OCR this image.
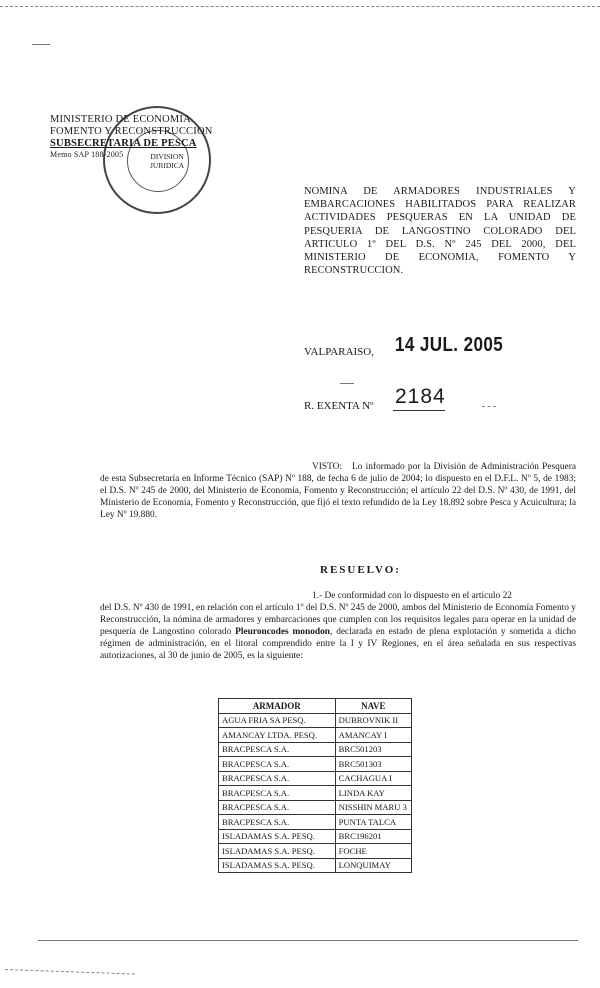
DIVISION
JURIDICA
MINISTERIO DE ECONOMIA
FOMENTO Y RECONSTRUCCION
SUBSECRETARIA DE PESCA
Memo SAP 188-2005
NOMINA DE ARMADORES INDUSTRIALES Y EMBARCACIONES HABILITADOS PARA REALIZAR ACTIVIDADES PESQUERAS EN LA UNIDAD DE PESQUERIA DE LANGOSTINO COLORADO DEL ARTICULO 1º DEL D.S. Nº 245 DEL 2000, DEL MINISTERIO DE ECONOMIA, FOMENTO Y RECONSTRUCCION.
VALPARAISO, 14 JUL. 2005
R. EXENTA Nº 2184
VISTO: Lo informado por la División de Administración Pesquera de esta Subsecretaría en Informe Técnico (SAP) Nº 188, de fecha 6 de julio de 2004; lo dispuesto en el D.F.L. Nº 5, de 1983; el D.S. Nº 245 de 2000, del Ministerio de Economía, Fomento y Reconstrucción; el artículo 22 del D.S. Nº 430, de 1991, del Ministerio de Economía, Fomento y Reconstrucción, que fijó el texto refundido de la Ley 18.892 sobre Pesca y Acuicultura; la Ley Nº 19.880.
RESUELVO:
1.- De conformidad con lo dispuesto en el artículo 22
del D.S. Nº 430 de 1991, en relación con el artículo 1º del D.S. Nº 245 de 2000, ambos del Ministerio de Economía Fomento y Reconstrucción, la nómina de armadores y embarcaciones que cumplen con los requisitos legales para operar en la unidad de pesquería de Langostino colorado Pleuroncodes monodon, declarada en estado de plena explotación y sometida a dicho régimen de administración, en el litoral comprendido entre la I y IV Regiones, en el área señalada en sus respectivas autorizaciones, al 30 de junio de 2005, es la siguiente:
ARMADOR	NAVE
AGUA FRIA SA PESQ.	DUBROVNIK II
AMANCAY LTDA. PESQ.	AMANCAY I
BRACPESCA S.A.	BRC501203
BRACPESCA S.A.	BRC501303
BRACPESCA S.A.	CACHAGUA I
BRACPESCA S.A.	LINDA KAY
BRACPESCA S.A.	NISSHIN MARU 3
BRACPESCA S.A.	PUNTA TALCA
ISLADAMAS S.A. PESQ.	BRC196201
ISLADAMAS S.A. PESQ.	FOCHE
ISLADAMAS S.A. PESQ.	LONQUIMAY
